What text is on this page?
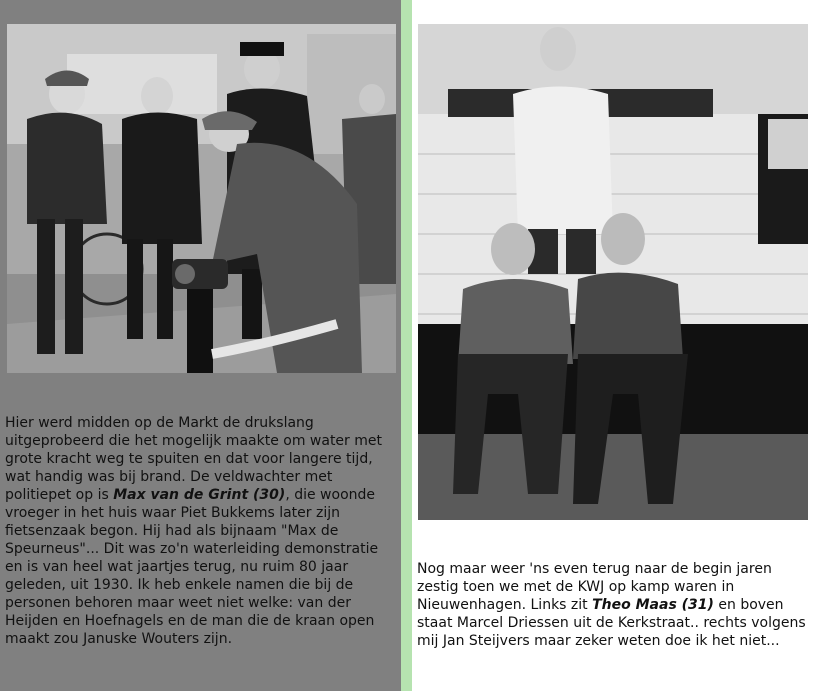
Hier werd midden op de Markt de drukslang uitgeprobeerd die het mogelijk maakte om water met grote kracht weg te spuiten en dat voor langere tijd, wat handig was bij brand. De veldwachter met politiepet op is Max van de Grint (30), die woonde vroeger in het huis waar Piet Bukkems later zijn fietsenzaak begon. Hij had als bijnaam "Max de Speurneus"... Dit was zo'n waterleiding demonstratie en is van heel wat jaartjes terug, nu ruim 80 jaar geleden, uit 1930. Ik heb enkele namen die bij de personen behoren maar weet niet welke: van der Heijden en Hoefnagels en de man die de kraan open maakt zou Januske Wouters zijn.
Nog maar weer 'ns even terug naar de begin jaren zestig toen we met de KWJ op kamp waren in Nieuwenhagen. Links zit Theo Maas (31) en boven staat Marcel Driessen uit de Kerkstraat.. rechts volgens mij Jan Steijvers maar zeker weten doe ik het niet...
